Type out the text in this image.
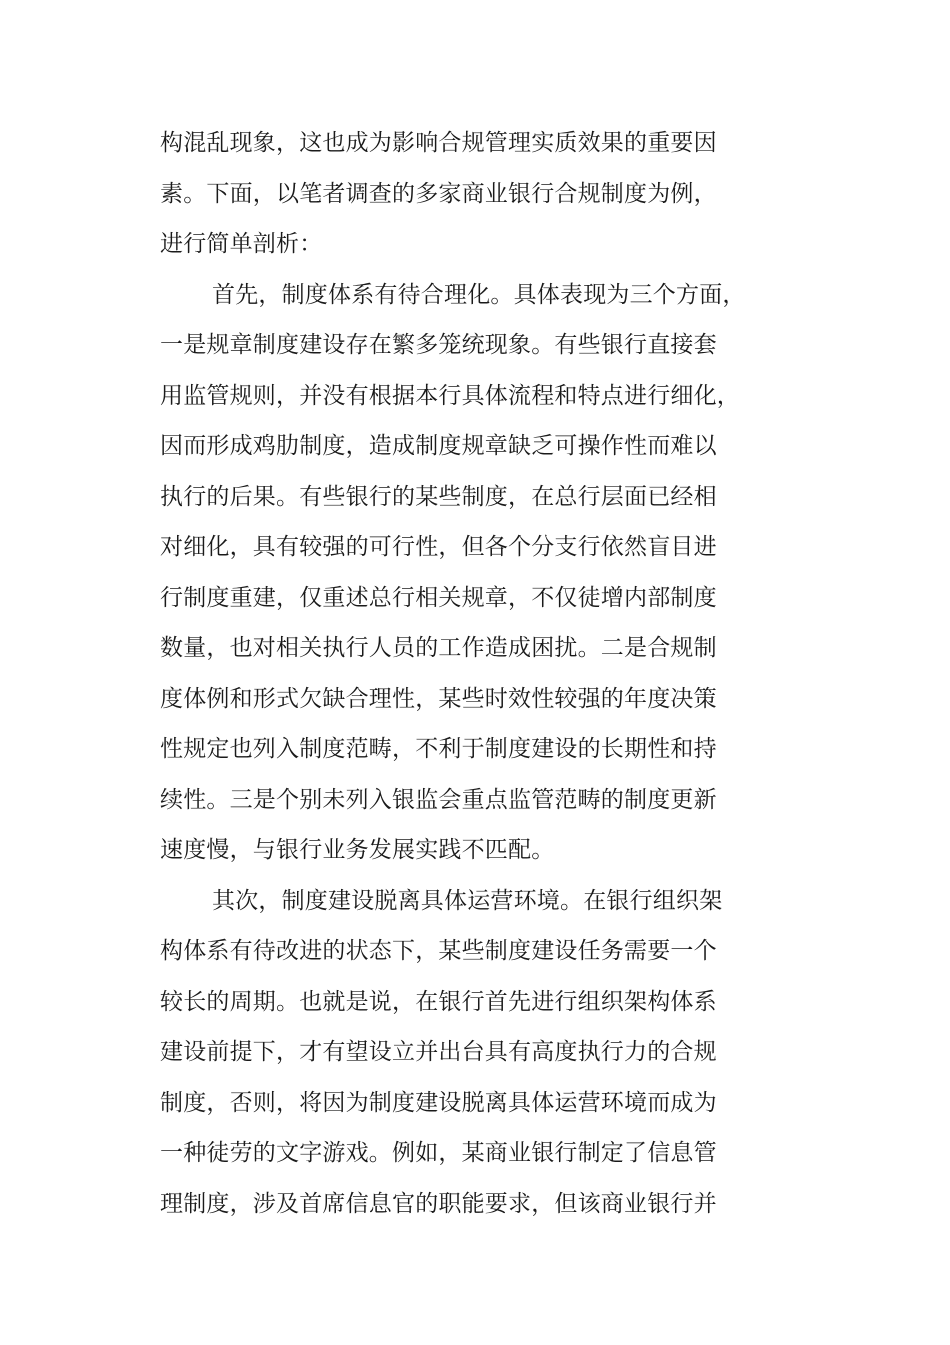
构混乱现象，这也成为影响合规管理实质效果的重要因
素。下面，以笔者调查的多家商业银行合规制度为例，
进行简单剖析：
首先，制度体系有待合理化。具体表现为三个方面，
一是规章制度建设存在繁多笼统现象。有些银行直接套
用监管规则，并没有根据本行具体流程和特点进行细化，
因而形成鸡肋制度，造成制度规章缺乏可操作性而难以
执行的后果。有些银行的某些制度，在总行层面已经相
对细化，具有较强的可行性，但各个分支行依然盲目进
行制度重建，仅重述总行相关规章，不仅徒增内部制度
数量，也对相关执行人员的工作造成困扰。二是合规制
度体例和形式欠缺合理性，某些时效性较强的年度决策
性规定也列入制度范畴，不利于制度建设的长期性和持
续性。三是个别未列入银监会重点监管范畴的制度更新
速度慢，与银行业务发展实践不匹配。
其次，制度建设脱离具体运营环境。在银行组织架
构体系有待改进的状态下，某些制度建设任务需要一个
较长的周期。也就是说，在银行首先进行组织架构体系
建设前提下，才有望设立并出台具有高度执行力的合规
制度，否则，将因为制度建设脱离具体运营环境而成为
一种徒劳的文字游戏。例如，某商业银行制定了信息管
理制度，涉及首席信息官的职能要求，但该商业银行并
